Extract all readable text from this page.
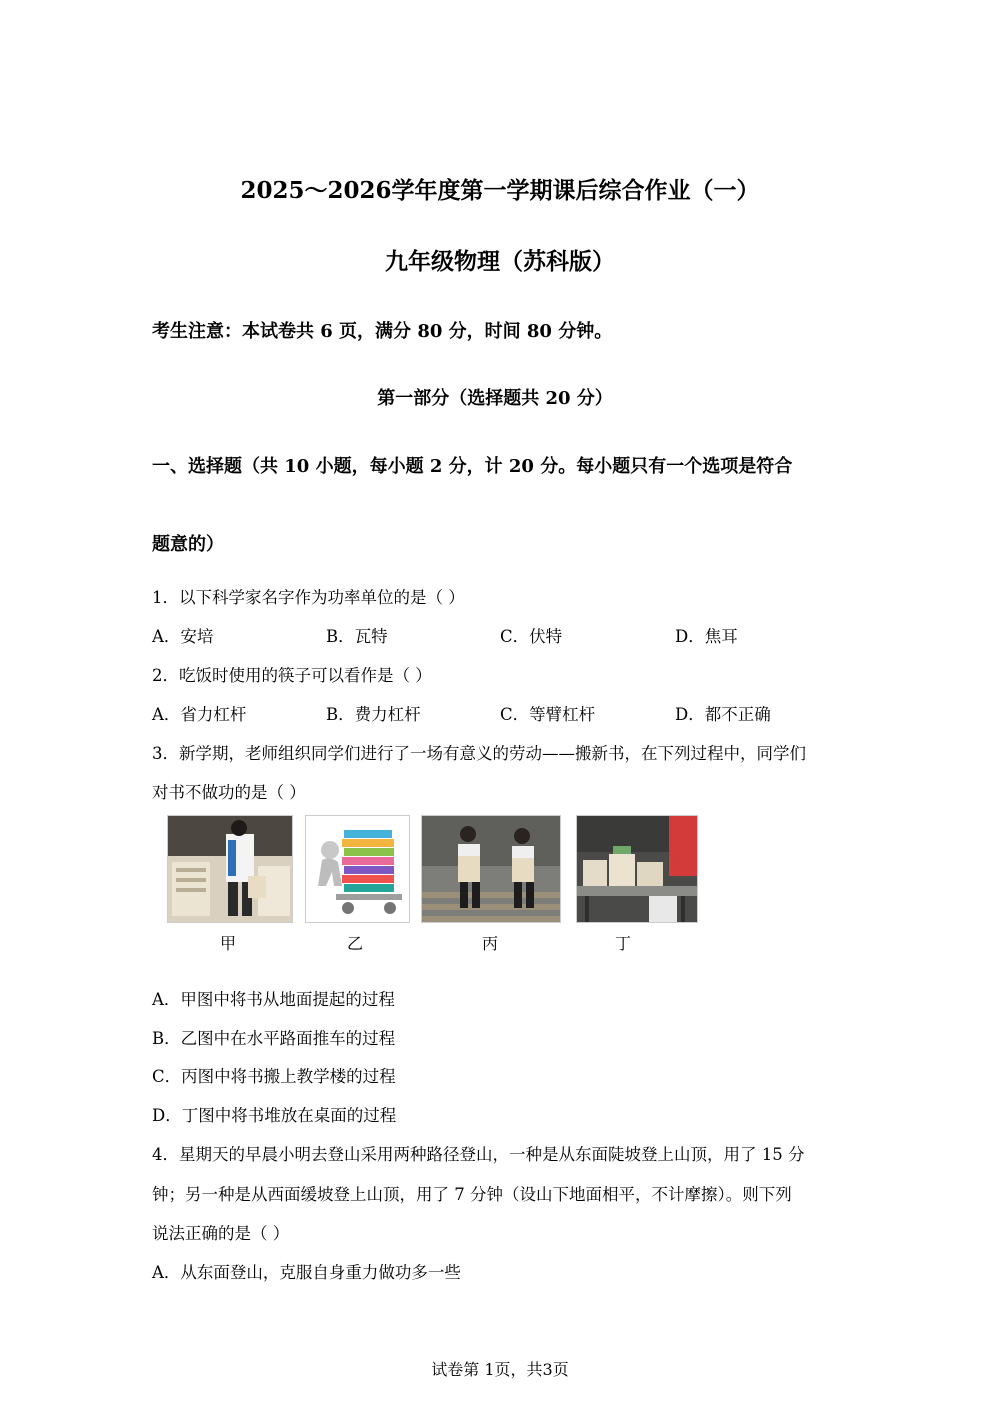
2025～2026学年度第一学期课后综合作业（一）
九年级物理（苏科版）
考生注意：本试卷共 6 页，满分 80 分，时间 80 分钟。
第一部分（选择题共 20 分）
一、选择题（共 10 小题，每小题 2 分，计 20 分。每小题只有一个选项是符合
题意的）
1．以下科学家名字作为功率单位的是（ ）
A．安培	B．瓦特	C．伏特	D．焦耳
2．吃饭时使用的筷子可以看作是（ ）
A．省力杠杆	B．费力杠杆	C．等臂杠杆	D．都不正确
3．新学期，老师组织同学们进行了一场有意义的劳动——搬新书，在下列过程中，同学们
对书不做功的是（ ）
甲	乙	丙	丁
A．甲图中将书从地面提起的过程
B．乙图中在水平路面推车的过程
C．丙图中将书搬上教学楼的过程
D．丁图中将书堆放在桌面的过程
4．星期天的早晨小明去登山采用两种路径登山，一种是从东面陡坡登上山顶，用了 15 分
钟；另一种是从西面缓坡登上山顶，用了 7 分钟（设山下地面相平，不计摩擦）。则下列
说法正确的是（ ）
A．从东面登山，克服自身重力做功多一些
试卷第 1页，共3页
